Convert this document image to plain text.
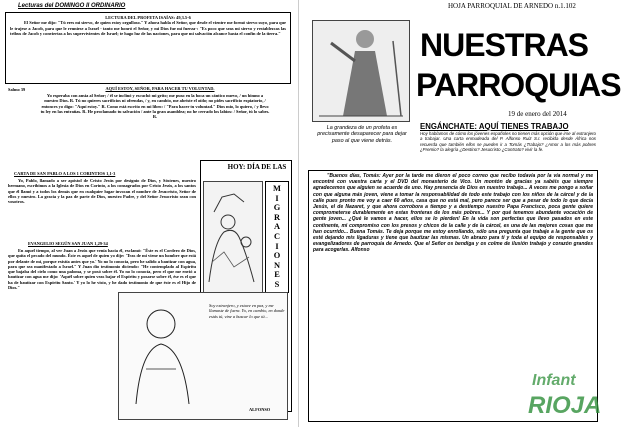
Lecturas del DOMINGO II ORDINARIO
LECTURA DEL PROFETA ISAÍAS: 49,3.5-6
El Señor me dijo: "Tú eres mi siervo, de quien estoy orgulloso." Y ahora habla el Señor, que desde el vientre me formó siervo suyo, para que le trajese a Jacob, para que le reuniese a Israel - tanto me honró el Señor, y mi Dios fue mi fuerza-: "Es poco que seas mi siervo y restablezcas las tribus de Jacob y conviertas a los supervivientes de Israel; te hago luz de las naciones, para que mi salvación alcance hasta el confín de la tierra."
Salmo 39	AQUÍ ESTOY, SEÑOR, PARA HACER TU VOLUNTAD.
Yo esperaba con ansia al Señor; / él se inclinó y escuchó mi grito; me puso en la boca un cántico nuevo, / un himno a nuestro Dios. R. Tú no quieres sacrificios ni ofrendas, / y, en cambio, me abriste el oído; no pides sacrificio expiatorio, / entonces yo digo: "Aquí estoy." R. Como está escrito en mi libro: / "Para hacer tu voluntad." Dios mío, lo quiero, / y llevo tu ley en las entrañas. R. He proclamado tu salvación / ante la gran asamblea; no he cerrado los labios: / Señor, tú lo sabes. R.
CARTA DE SAN PABLO A LOS 1 CORINTIOS 1,1-3
Yo, Pablo, llamado a ser apóstol de Cristo Jesús por designio de Dios, y Sóstenes, nuestro hermano, escribimos a la Iglesia de Dios en Corinto, a los consagrados por Cristo Jesús, a los santos que él llamó y a todos los demás que en cualquier lugar invocan el nombre de Jesucristo, Señor de ellos y nuestro. La gracia y la paz de parte de Dios, nuestro Padre, y del Señor Jesucristo sean con vosotros.
EVANGELIO SEGÚN SAN JUAN 1,29-34
En aquel tiempo, al ver Juan a Jesús que venía hacia él, exclamó: "Éste es el Cordero de Dios, que quita el pecado del mundo. Éste es aquel de quien yo dije: 'Tras de mí viene un hombre que está por delante de mí, porque existía antes que yo.' Yo no lo conocía, pero he salido a bautizar con agua, para que sea manifestado a Israel." Y Juan dio testimonio diciendo: "He contemplado al Espíritu que bajaba del cielo como una paloma, y se posó sobre él. Yo no lo conocía, pero el que me envió a bautizar con agua me dijo: 'Aquél sobre quien veas bajar el Espíritu y posarse sobre él, ése es el que ha de bautizar con Espíritu Santo.' Y yo lo he visto, y he dado testimonio de que éste es el Hijo de Dios."
HOY: DÍA DE LAS
M
I
G
R
A
C
I
O
N
E
S
Soy extranjero, y estuve en paz, y me llamaste de fuera. Yo, en cambio, en donde estás tú, vine a buscar lo que tú...
ALFONSO
HOJA PARROQUIAL DE ARNEDO n.1.102
NUESTRAS
PARROQUIAS
19 de enero del 2014
La grandeza de un profeta es precisamente desaparecer para dejar paso al que viene detrás.
ENGÁNCHATE: AQUÍ TIENES TRABAJO
Hoy hablamos de cómo los jóvenes españoles no tienen más opción que irse al extranjero a trabajar. Una carta enmudeada del P. Alfonso Ruiz S.I. recibida desde África nos recuerda que también ellos se pueden ir a Tomás ¿Trabajo? ¿Amor a los más pobres ¿Premio? la alegría ¿Destino? Jesucristo ¿Contrato? vivir la fe.
"Buenos días, Tomás: Ayer por la tarde me dieron el poco correo que recibo todavía por la vía normal y me encontré con vuestra carta y el DVD del monasterio de Vico. Un montón de gracias ya sabéis que siempre agradecemos que alguien se acuerde de uno. Hay presencia de Dios en nuestro trabajo... A veces me pongo a soñar con que alguna más joven, viene a tomar la responsabilidad de todo este trabajo con los niños de la cárcel y de la calle pues pronto me voy a caer 60 años, casa que no está mal, pero parece ser que a pesar de todo lo que decía Jesús, el de Nazaret, y que ahora corrobora a tiempo y a destiempo nuestro Papa Francisco, poca gente quiere comprometerse durablemente en estas fronteras de los más pobres... Y por qué tenemos abundante vocación de gente joven... ¿Qué le vamos a hacer, ellos se lo pierden! En la vida son perfectas que llevo pasados en este continente, mi compromiso con los presos y chicos de la calle y de la cárcel, es una de las mejores cosas que me han ocurrido... Buena Tomás. Te deja porque me estoy enrollando, sólo una pregunta que trabaje a la gente que os esté dejando mis ligaduras y tiene que bautizar las mismas. Un abrazo para ti y toda el equipo de responsables y evangelizadores de parroquia de Arnedo. Que el Señor os bendiga y os colme de ilusión trabajo y corazón grandes para acogerlas. Alfonso
Infant
RIOJA
